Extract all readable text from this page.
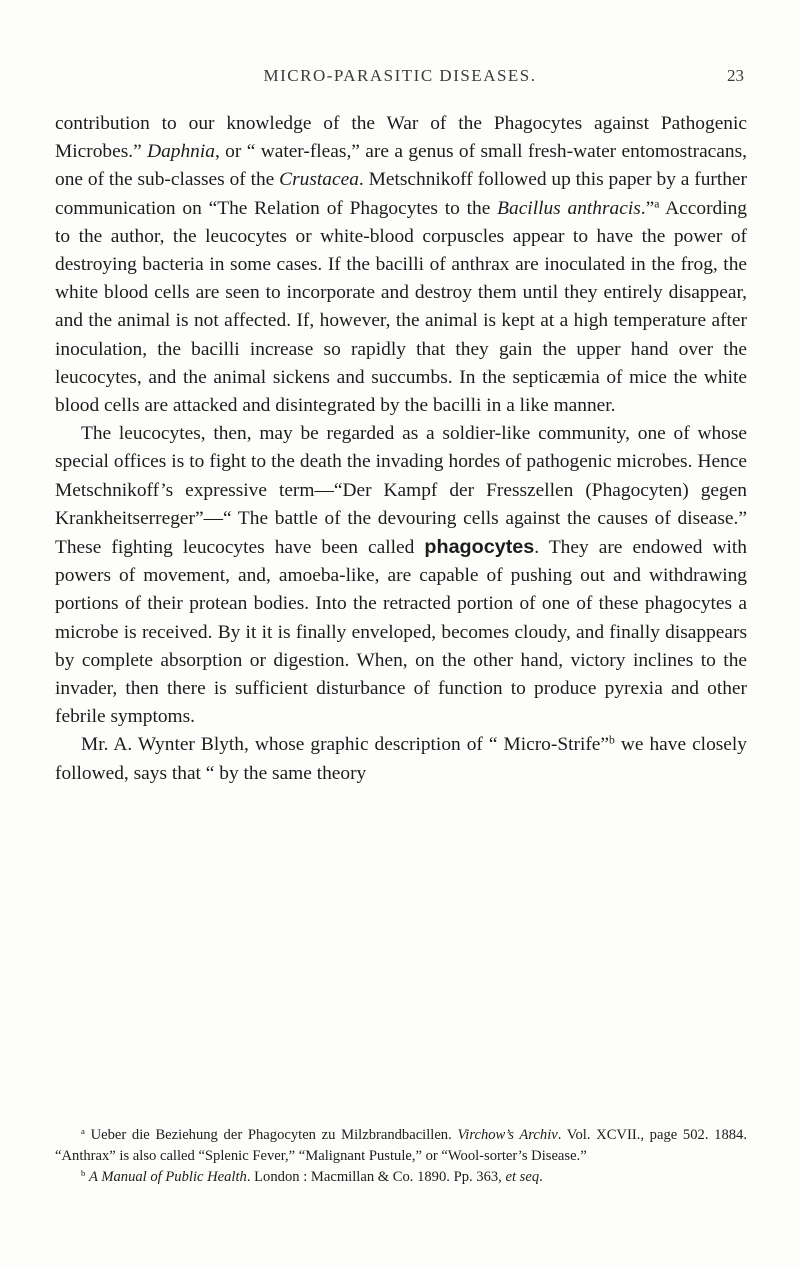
MICRO-PARASITIC DISEASES.	23

contribution to our knowledge of the War of the Phagocytes against Pathogenic Microbes.” Daphnia, or “ water-fleas,” are a genus of small fresh-water entomostracans, one of the sub-classes of the Crustacea. Metschnikoff followed up this paper by a further communication on “The Relation of Phagocytes to the Bacillus anthracis.”$^a$ According to the author, the leucocytes or white-blood corpuscles appear to have the power of destroying bacteria in some cases. If the bacilli of anthrax are inoculated in the frog, the white blood cells are seen to incorporate and destroy them until they entirely disappear, and the animal is not affected. If, however, the animal is kept at a high temperature after inoculation, the bacilli increase so rapidly that they gain the upper hand over the leucocytes, and the animal sickens and succumbs. In the septicæmia of mice the white blood cells are attacked and disintegrated by the bacilli in a like manner.

The leucocytes, then, may be regarded as a soldier-like community, one of whose special offices is to fight to the death the invading hordes of pathogenic microbes. Hence Metschnikoff’s expressive term—“Der Kampf der Fresszellen (Phagocyten) gegen Krankheitserreger”—“ The battle of the devouring cells against the causes of disease.” These fighting leucocytes have been called phagocytes. They are endowed with powers of movement, and, amoeba-like, are capable of pushing out and withdrawing portions of their protean bodies. Into the retracted portion of one of these phagocytes a microbe is received. By it it is finally enveloped, becomes cloudy, and finally disappears by complete absorption or digestion. When, on the other hand, victory inclines to the invader, then there is sufficient disturbance of function to produce pyrexia and other febrile symptoms.

Mr. A. Wynter Blyth, whose graphic description of “ Micro-Strife”$^b$ we have closely followed, says that “ by the same theory

$^a$ Ueber die Beziehung der Phagocyten zu Milzbrandbacillen. Virchow’s Archiv. Vol. XCVII., page 502. 1884. “Anthrax” is also called “Splenic Fever,” “Malignant Pustule,” or “Wool-sorter’s Disease.”

$^b$ A Manual of Public Health. London : Macmillan & Co. 1890. Pp. 363, et seq.
